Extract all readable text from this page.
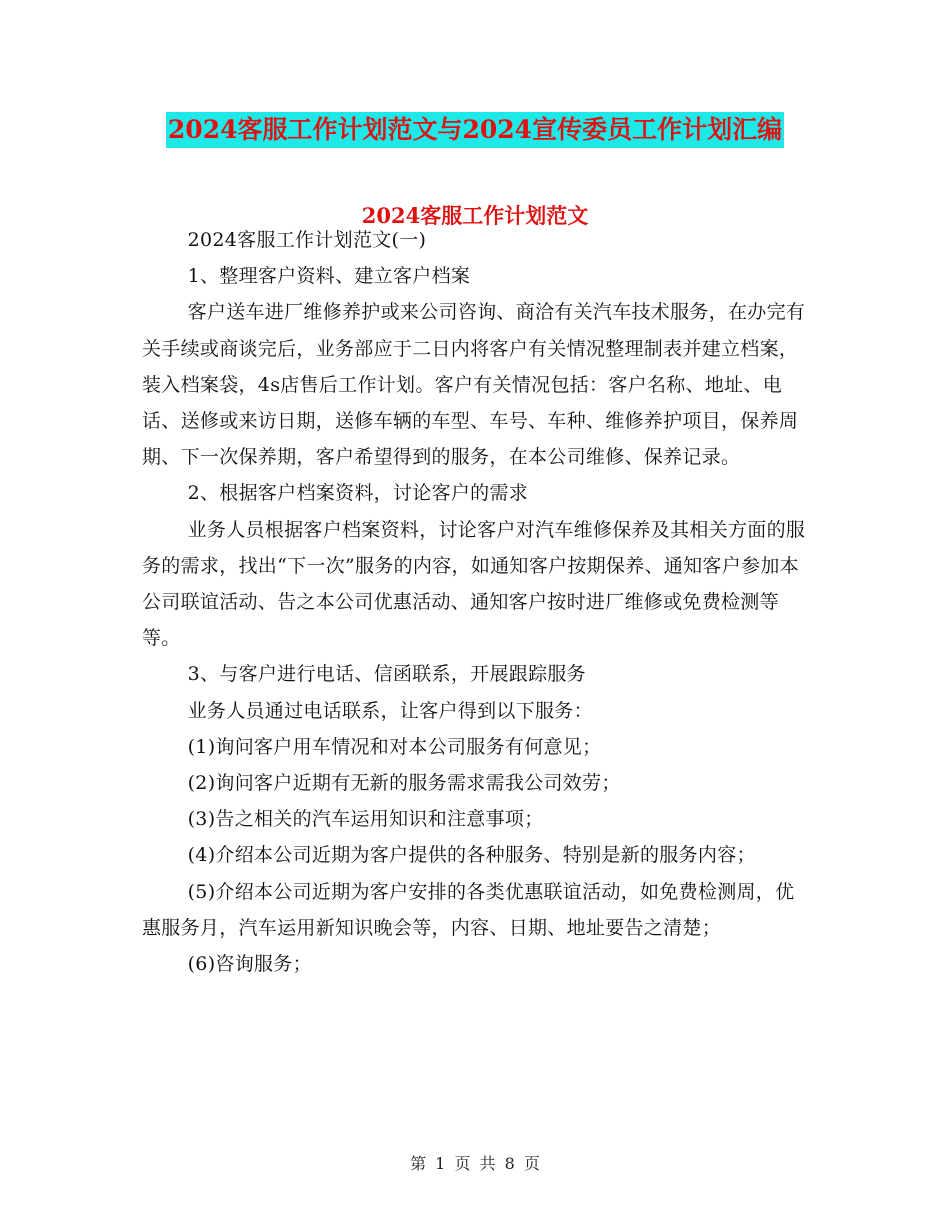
2024客服工作计划范文与2024宣传委员工作计划汇编
2024客服工作计划范文

2024客服工作计划范文(一)

1、整理客户资料、建立客户档案

客户送车进厂维修养护或来公司咨询、商洽有关汽车技术服务，在办完有关手续或商谈完后，业务部应于二日内将客户有关情况整理制表并建立档案，装入档案袋，4s店售后工作计划。客户有关情况包括：客户名称、地址、电话、送修或来访日期，送修车辆的车型、车号、车种、维修养护项目，保养周期、下一次保养期，客户希望得到的服务，在本公司维修、保养记录。

2、根据客户档案资料，讨论客户的需求

业务人员根据客户档案资料，讨论客户对汽车维修保养及其相关方面的服务的需求，找出“下一次”服务的内容，如通知客户按期保养、通知客户参加本公司联谊活动、告之本公司优惠活动、通知客户按时进厂维修或免费检测等等。

3、与客户进行电话、信函联系，开展跟踪服务

业务人员通过电话联系，让客户得到以下服务：

(1)询问客户用车情况和对本公司服务有何意见；

(2)询问客户近期有无新的服务需求需我公司效劳；

(3)告之相关的汽车运用知识和注意事项；

(4)介绍本公司近期为客户提供的各种服务、特别是新的服务内容；

(5)介绍本公司近期为客户安排的各类优惠联谊活动，如免费检测周，优惠服务月，汽车运用新知识晚会等，内容、日期、地址要告之清楚；

(6)咨询服务；

第 1 页 共 8 页
